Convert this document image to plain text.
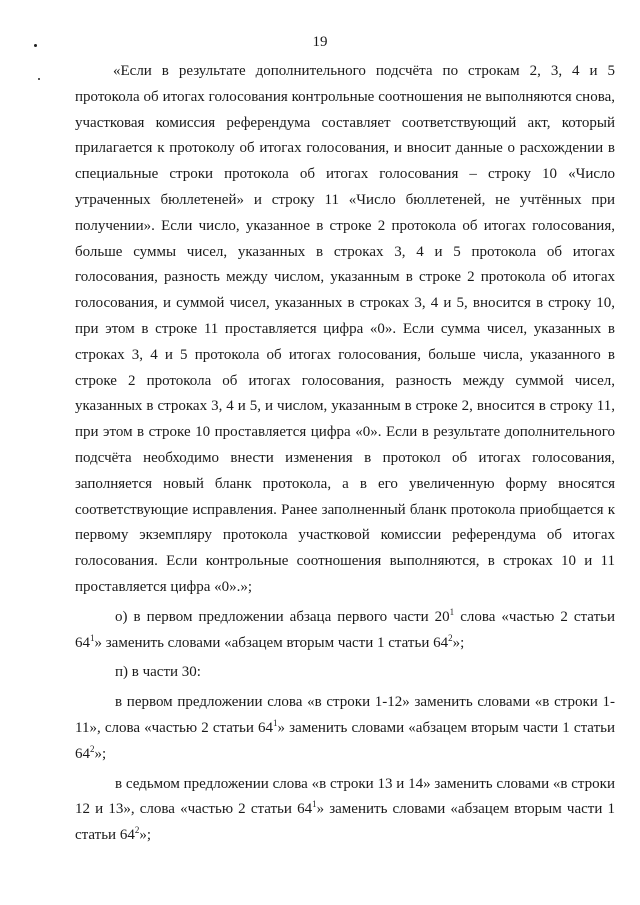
19

«Если в результате дополнительного подсчёта по строкам 2, 3, 4 и 5 протокола об итогах голосования контрольные соотношения не выполняются снова, участковая комиссия референдума составляет соответствующий акт, который прилагается к протоколу об итогах голосования, и вносит данные о расхождении в специальные строки протокола об итогах голосования – строку 10 «Число утраченных бюллетеней» и строку 11 «Число бюллетеней, не учтённых при получении». Если число, указанное в строке 2 протокола об итогах голосования, больше суммы чисел, указанных в строках 3, 4 и 5 протокола об итогах голосования, разность между числом, указанным в строке 2 протокола об итогах голосования, и суммой чисел, указанных в строках 3, 4 и 5, вносится в строку 10, при этом в строке 11 проставляется цифра «0». Если сумма чисел, указанных в строках 3, 4 и 5 протокола об итогах голосования, больше числа, указанного в строке 2 протокола об итогах голосования, разность между суммой чисел, указанных в строках 3, 4 и 5, и числом, указанным в строке 2, вносится в строку 11, при этом в строке 10 проставляется цифра «0». Если в результате дополнительного подсчёта необходимо внести изменения в протокол об итогах голосования, заполняется новый бланк протокола, а в его увеличенную форму вносятся соответствующие исправления. Ранее заполненный бланк протокола приобщается к первому экземпляру протокола участковой комиссии референдума об итогах голосования. Если контрольные соотношения выполняются, в строках 10 и 11 проставляется цифра «0».»;

о) в первом предложении абзаца первого части $20^1$ слова «частью 2 статьи $64^1$» заменить словами «абзацем вторым части 1 статьи $64^2$»;

п) в части 30:

в первом предложении слова «в строки 1-12» заменить словами «в строки 1-11», слова «частью 2 статьи $64^1$» заменить словами «абзацем вторым части 1 статьи $64^2$»;

в седьмом предложении слова «в строки 13 и 14» заменить словами «в строки 12 и 13», слова «частью 2 статьи $64^1$» заменить словами «абзацем вторым части 1 статьи $64^2$»;
